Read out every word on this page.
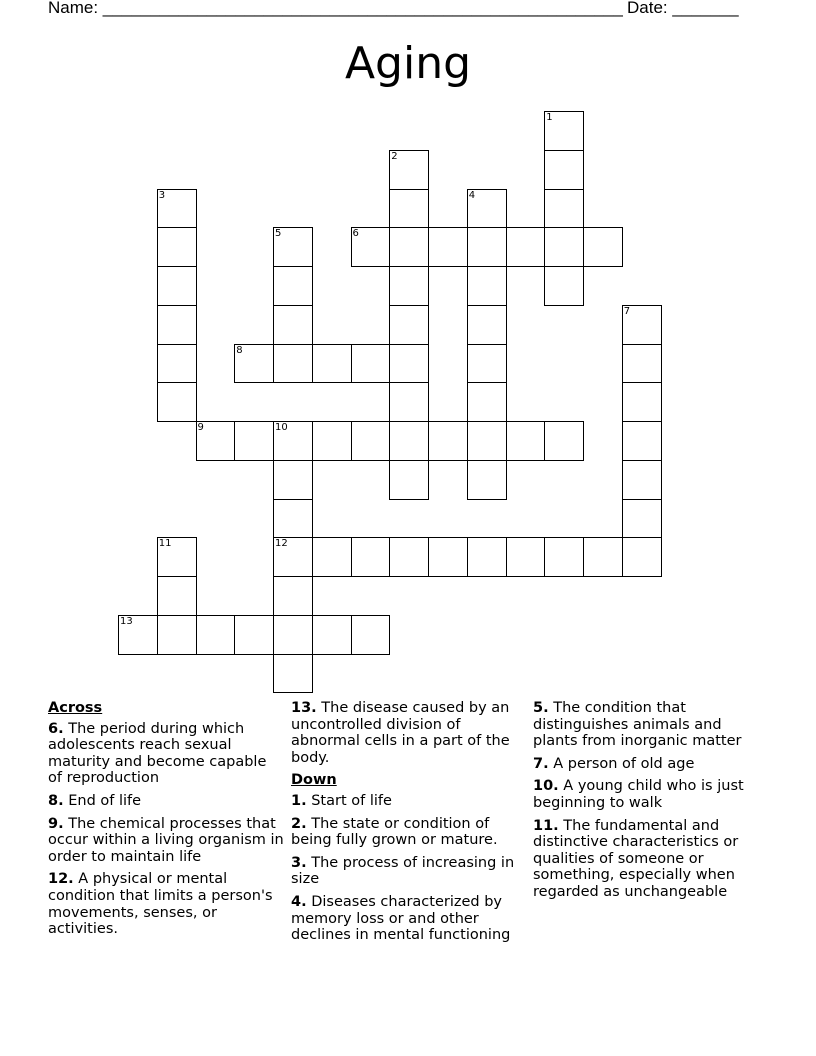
Name: _______________________________________________________ Date: _______
Aging
1
2
3	4
5	6
7
8
9	10
12
11
13
Across
6. The period during which adolescents reach sexual maturity and become capable of reproduction
8. End of life
9. The chemical processes that occur within a living organism in order to maintain life
12. A physical or mental condition that limits a person's movements, senses, or activities.
13. The disease caused by an uncontrolled division of abnormal cells in a part of the body.
Down
1. Start of life
2. The state or condition of being fully grown or mature.
3. The process of increasing in size
4. Diseases characterized by memory loss or and other declines in mental functioning
5. The condition that distinguishes animals and plants from inorganic matter
7. A person of old age
10. A young child who is just beginning to walk
11. The fundamental and distinctive characteristics or qualities of someone or something, especially when regarded as unchangeable
